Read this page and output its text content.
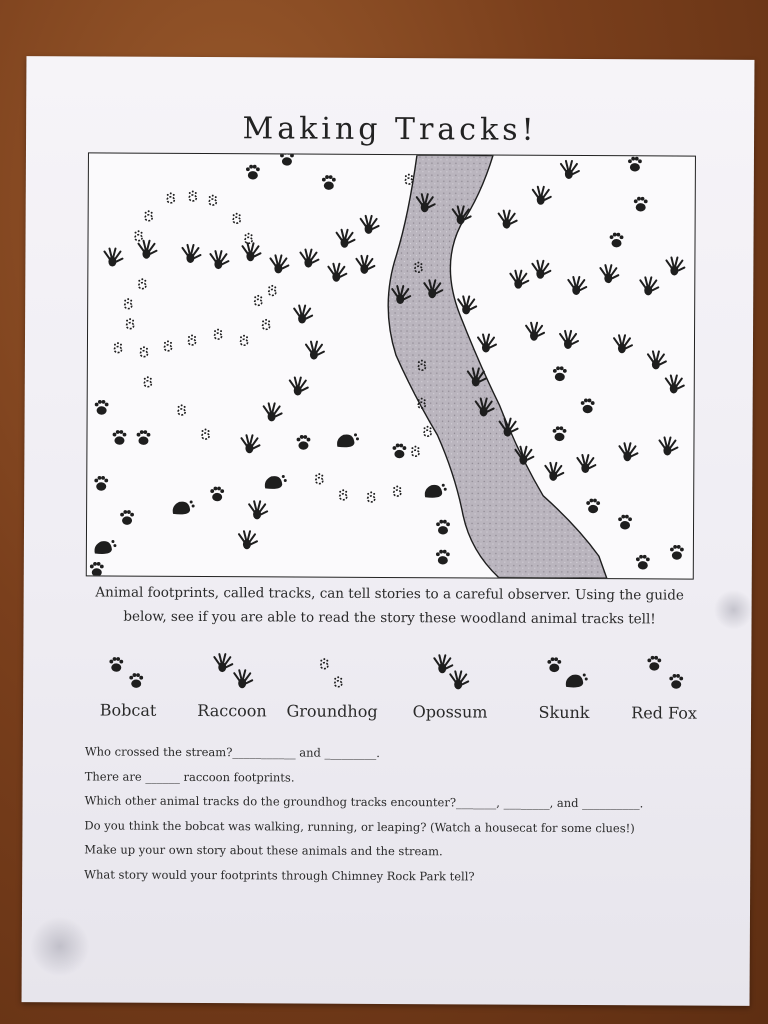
Making Tracks!
Animal footprints, called tracks, can tell stories to a careful observer. Using the guide
below, see if you are able to read the story these woodland animal tracks tell!
Bobcat	Raccoon	Groundhog	Opossum	Skunk	Red Fox
Who crossed the stream?___________ and _________.
There are ______ raccoon footprints.
Which other animal tracks do the groundhog tracks encounter?_______, ________, and __________.
Do you think the bobcat was walking, running, or leaping? (Watch a housecat for some clues!)
Make up your own story about these animals and the stream.
What story would your footprints through Chimney Rock Park tell?
